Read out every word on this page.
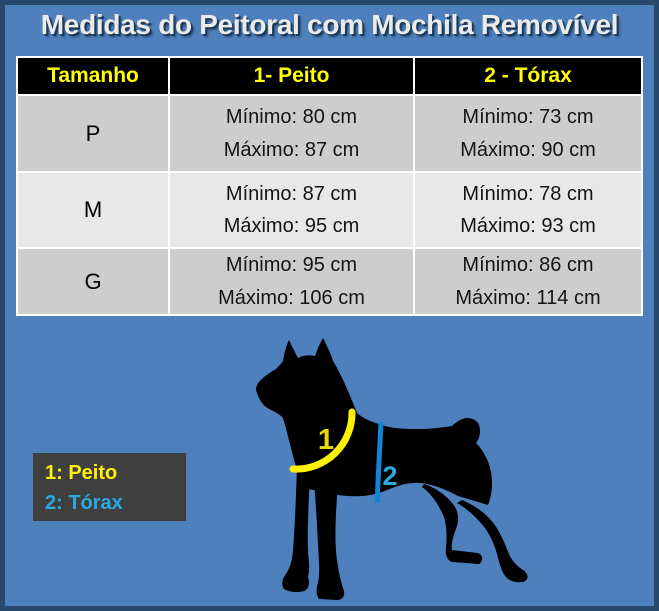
Medidas do Peitoral com Mochila Removível
Tamanho	1- Peito	2 - Tórax
P
Mínimo: 80 cm
Máximo: 87 cm
Mínimo: 73 cm
Máximo: 90 cm
M
Mínimo: 87 cm
Máximo: 95 cm
Mínimo: 78 cm
Máximo: 93 cm
G
Mínimo: 95 cm
Máximo: 106 cm
Mínimo: 86 cm
Máximo: 114 cm
1
2
1: Peito
2: Tórax
